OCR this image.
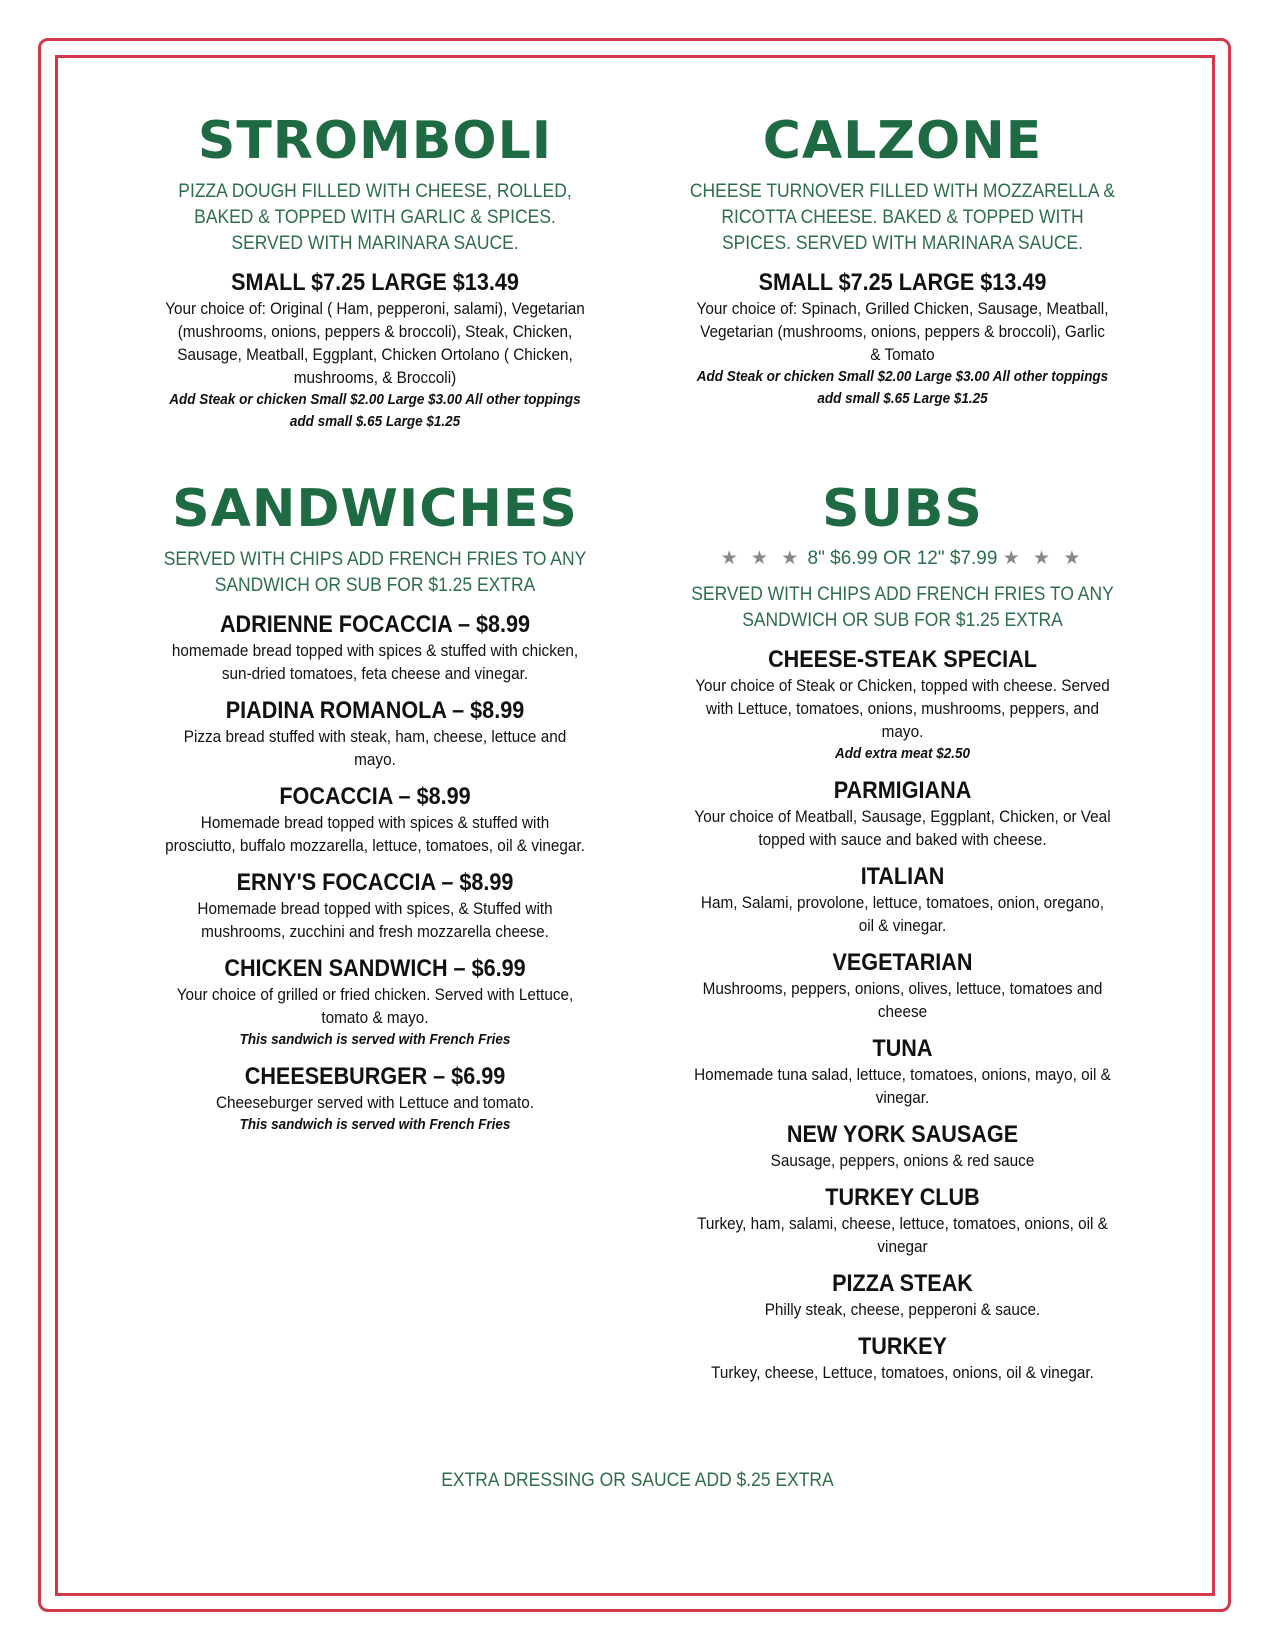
STROMBOLI
PIZZA DOUGH FILLED WITH CHEESE, ROLLED, BAKED & TOPPED WITH GARLIC & SPICES. SERVED WITH MARINARA SAUCE.
SMALL $7.25 LARGE $13.49
Your choice of: Original ( Ham, pepperoni, salami), Vegetarian (mushrooms, onions, peppers & broccoli), Steak, Chicken, Sausage, Meatball, Eggplant, Chicken Ortolano ( Chicken, mushrooms, & Broccoli)
Add Steak or chicken Small $2.00 Large $3.00 All other toppings add small $.65 Large $1.25
CALZONE
CHEESE TURNOVER FILLED WITH MOZZARELLA & RICOTTA CHEESE. BAKED & TOPPED WITH SPICES. SERVED WITH MARINARA SAUCE.
SMALL $7.25 LARGE $13.49
Your choice of: Spinach, Grilled Chicken, Sausage, Meatball, Vegetarian (mushrooms, onions, peppers & broccoli), Garlic & Tomato
Add Steak or chicken Small $2.00 Large $3.00 All other toppings add small $.65 Large $1.25
SANDWICHES
SERVED WITH CHIPS ADD FRENCH FRIES TO ANY SANDWICH OR SUB FOR $1.25 EXTRA
ADRIENNE FOCACCIA – $8.99
homemade bread topped with spices & stuffed with chicken, sun-dried tomatoes, feta cheese and vinegar.
PIADINA ROMANOLA – $8.99
Pizza bread stuffed with steak, ham, cheese, lettuce and mayo.
FOCACCIA – $8.99
Homemade bread topped with spices & stuffed with prosciutto, buffalo mozzarella, lettuce, tomatoes, oil & vinegar.
ERNY'S FOCACCIA – $8.99
Homemade bread topped with spices, & Stuffed with mushrooms, zucchini and fresh mozzarella cheese.
CHICKEN SANDWICH – $6.99
Your choice of grilled or fried chicken. Served with Lettuce, tomato & mayo.
This sandwich is served with French Fries
CHEESEBURGER – $6.99
Cheeseburger served with Lettuce and tomato.
This sandwich is served with French Fries
SUBS
★ ★ ★ 8" $6.99 OR 12" $7.99 ★ ★ ★
SERVED WITH CHIPS ADD FRENCH FRIES TO ANY SANDWICH OR SUB FOR $1.25 EXTRA
CHEESE-STEAK SPECIAL
Your choice of Steak or Chicken, topped with cheese. Served with Lettuce, tomatoes, onions, mushrooms, peppers, and mayo.
Add extra meat $2.50
PARMIGIANA
Your choice of Meatball, Sausage, Eggplant, Chicken, or Veal topped with sauce and baked with cheese.
ITALIAN
Ham, Salami, provolone, lettuce, tomatoes, onion, oregano, oil & vinegar.
VEGETARIAN
Mushrooms, peppers, onions, olives, lettuce, tomatoes and cheese
TUNA
Homemade tuna salad, lettuce, tomatoes, onions, mayo, oil & vinegar.
NEW YORK SAUSAGE
Sausage, peppers, onions & red sauce
TURKEY CLUB
Turkey, ham, salami, cheese, lettuce, tomatoes, onions, oil & vinegar
PIZZA STEAK
Philly steak, cheese, pepperoni & sauce.
TURKEY
Turkey, cheese, Lettuce, tomatoes, onions, oil & vinegar.
EXTRA DRESSING OR SAUCE ADD $.25 EXTRA
